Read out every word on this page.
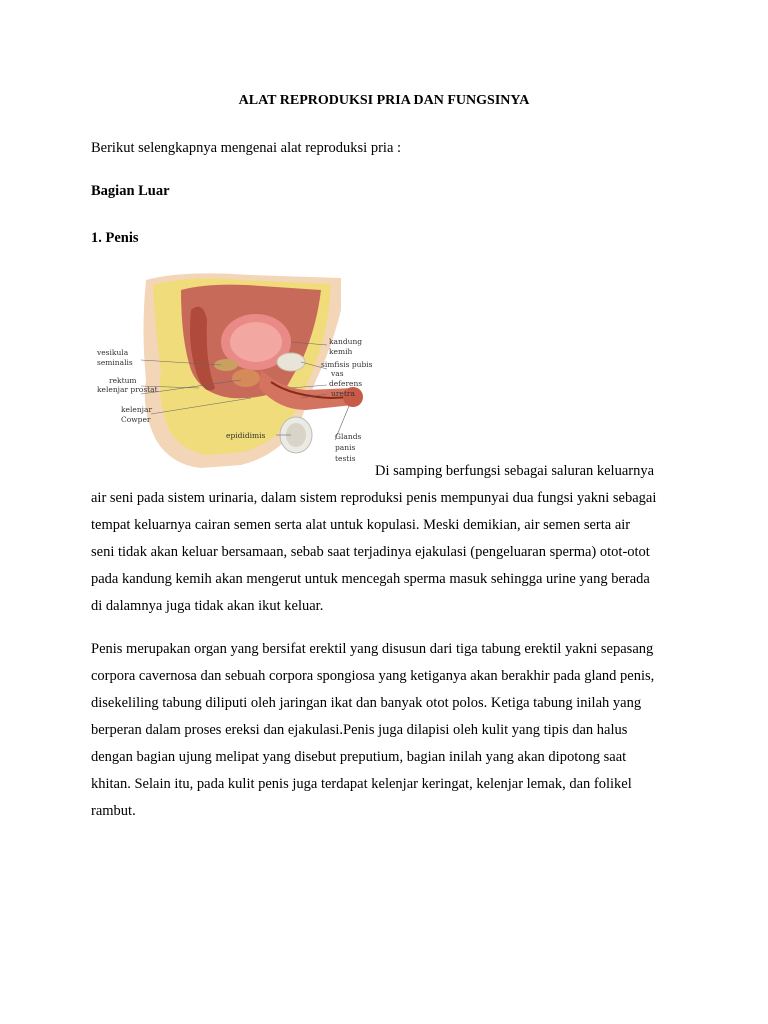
ALAT REPRODUKSI PRIA DAN FUNGSINYA
Berikut selengkapnya mengenai alat reproduksi pria :
Bagian Luar
1. Penis
vesikula
seminalis
rektum
kelenjar prostat
kelenjar
Cowper
epididimis
kandung
kemih
simfisis pubis
vas
deferens
uretra
Glands
panis
testis
Di samping berfungsi sebagai saluran keluarnya
air seni pada sistem urinaria, dalam sistem reproduksi penis mempunyai dua fungsi yakni sebagai
tempat keluarnya cairan semen serta alat untuk kopulasi. Meski demikian, air semen serta air
seni tidak akan keluar bersamaan, sebab saat terjadinya ejakulasi (pengeluaran sperma) otot-otot
pada kandung kemih akan mengerut untuk mencegah sperma masuk sehingga urine yang berada
di dalamnya juga tidak akan ikut keluar.
Penis merupakan organ yang bersifat erektil yang disusun dari tiga tabung erektil yakni sepasang
corpora cavernosa dan sebuah corpora spongiosa yang ketiganya akan berakhir pada gland penis,
disekeliling tabung diliputi oleh jaringan ikat dan banyak otot polos. Ketiga tabung inilah yang
berperan dalam proses ereksi dan ejakulasi.Penis juga dilapisi oleh kulit yang tipis dan halus
dengan bagian ujung melipat yang disebut preputium, bagian inilah yang akan dipotong saat
khitan. Selain itu, pada kulit penis juga terdapat kelenjar keringat, kelenjar lemak, dan folikel
rambut.
